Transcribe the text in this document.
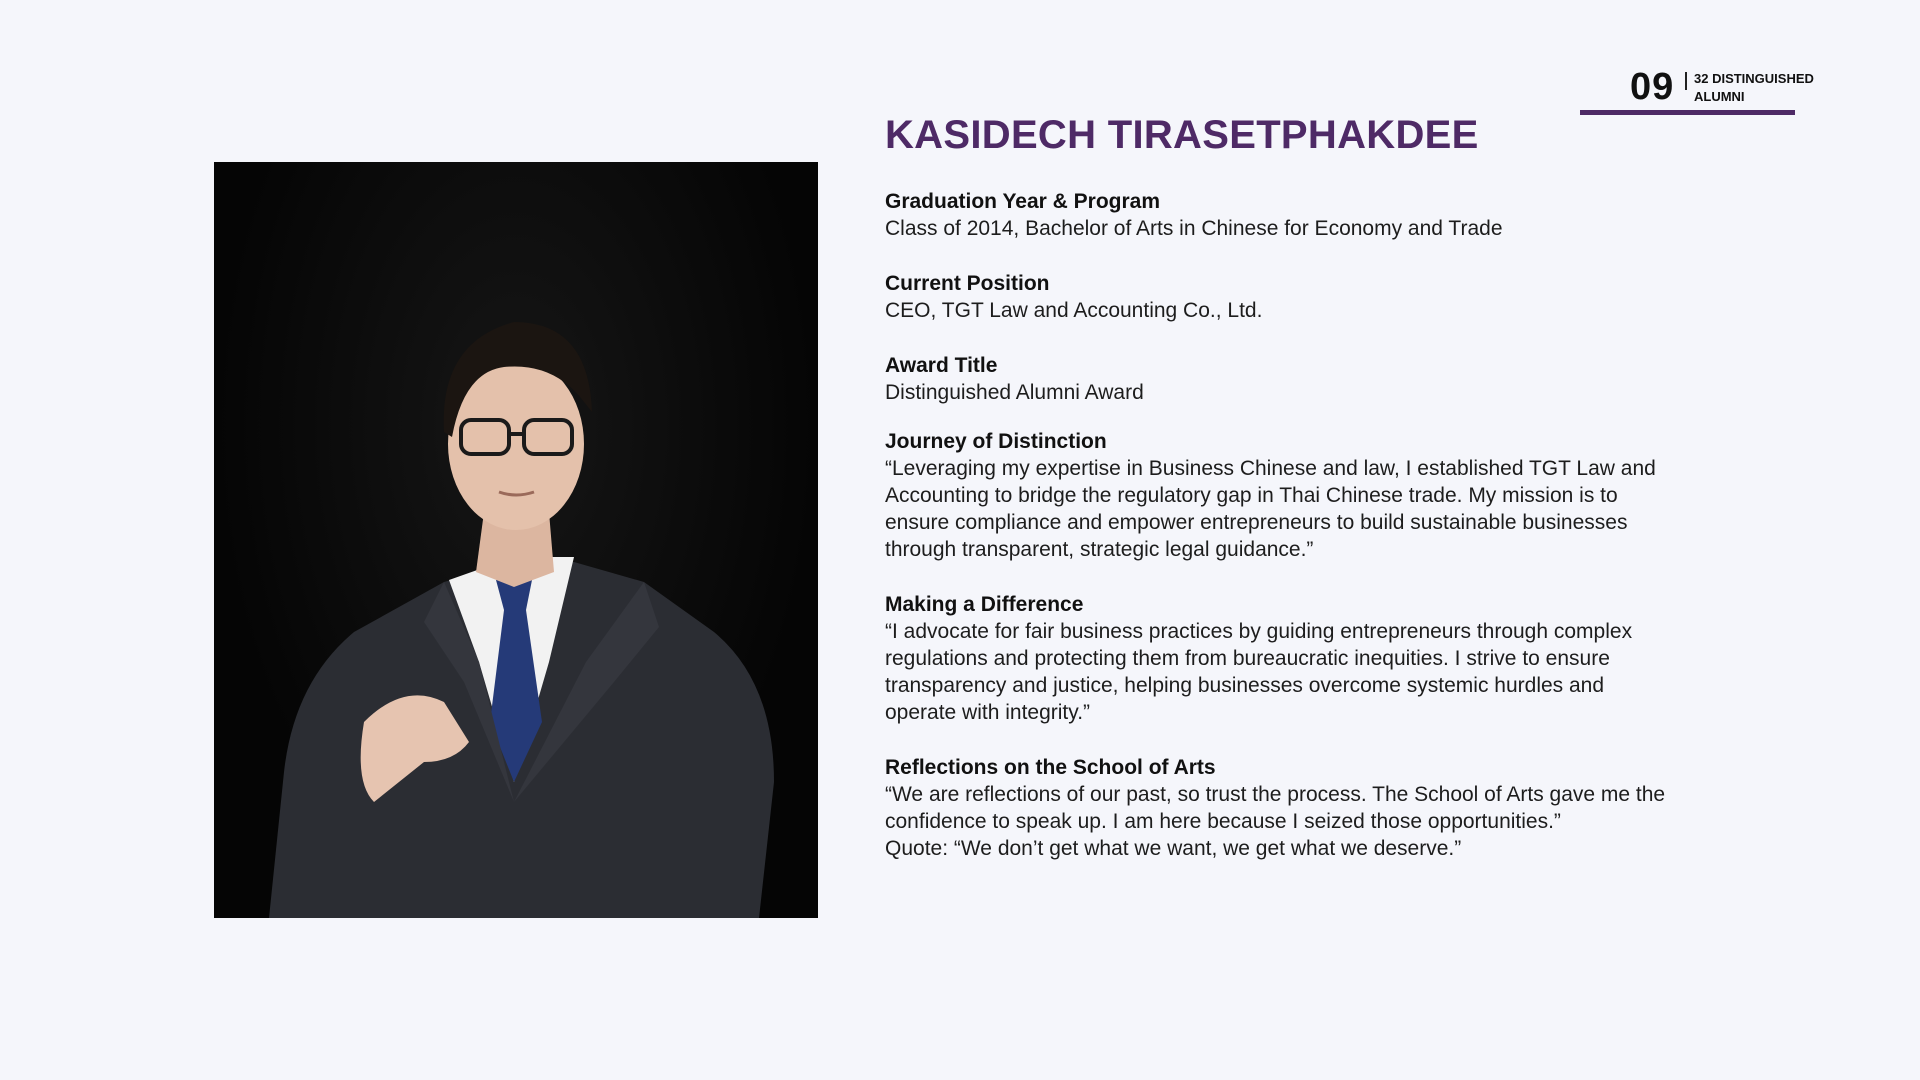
09 32 DISTINGUISHED ALUMNI
KASIDECH TIRASETPHAKDEE
Graduation Year & Program
Class of 2014, Bachelor of Arts in Chinese for Economy and Trade
Current Position
CEO, TGT Law and Accounting Co., Ltd.
Award Title
Distinguished Alumni Award
Journey of Distinction
“Leveraging my expertise in Business Chinese and law, I established TGT Law and Accounting to bridge the regulatory gap in Thai Chinese trade. My mission is to ensure compliance and empower entrepreneurs to build sustainable businesses through transparent, strategic legal guidance.”
Making a Difference
“I advocate for fair business practices by guiding entrepreneurs through complex regulations and protecting them from bureaucratic inequities. I strive to ensure transparency and justice, helping businesses overcome systemic hurdles and operate with integrity.”
Reflections on the School of Arts
“We are reflections of our past, so trust the process. The School of Arts gave me the confidence to speak up. I am here because I seized those opportunities.”
Quote: “We don’t get what we want, we get what we deserve.”
